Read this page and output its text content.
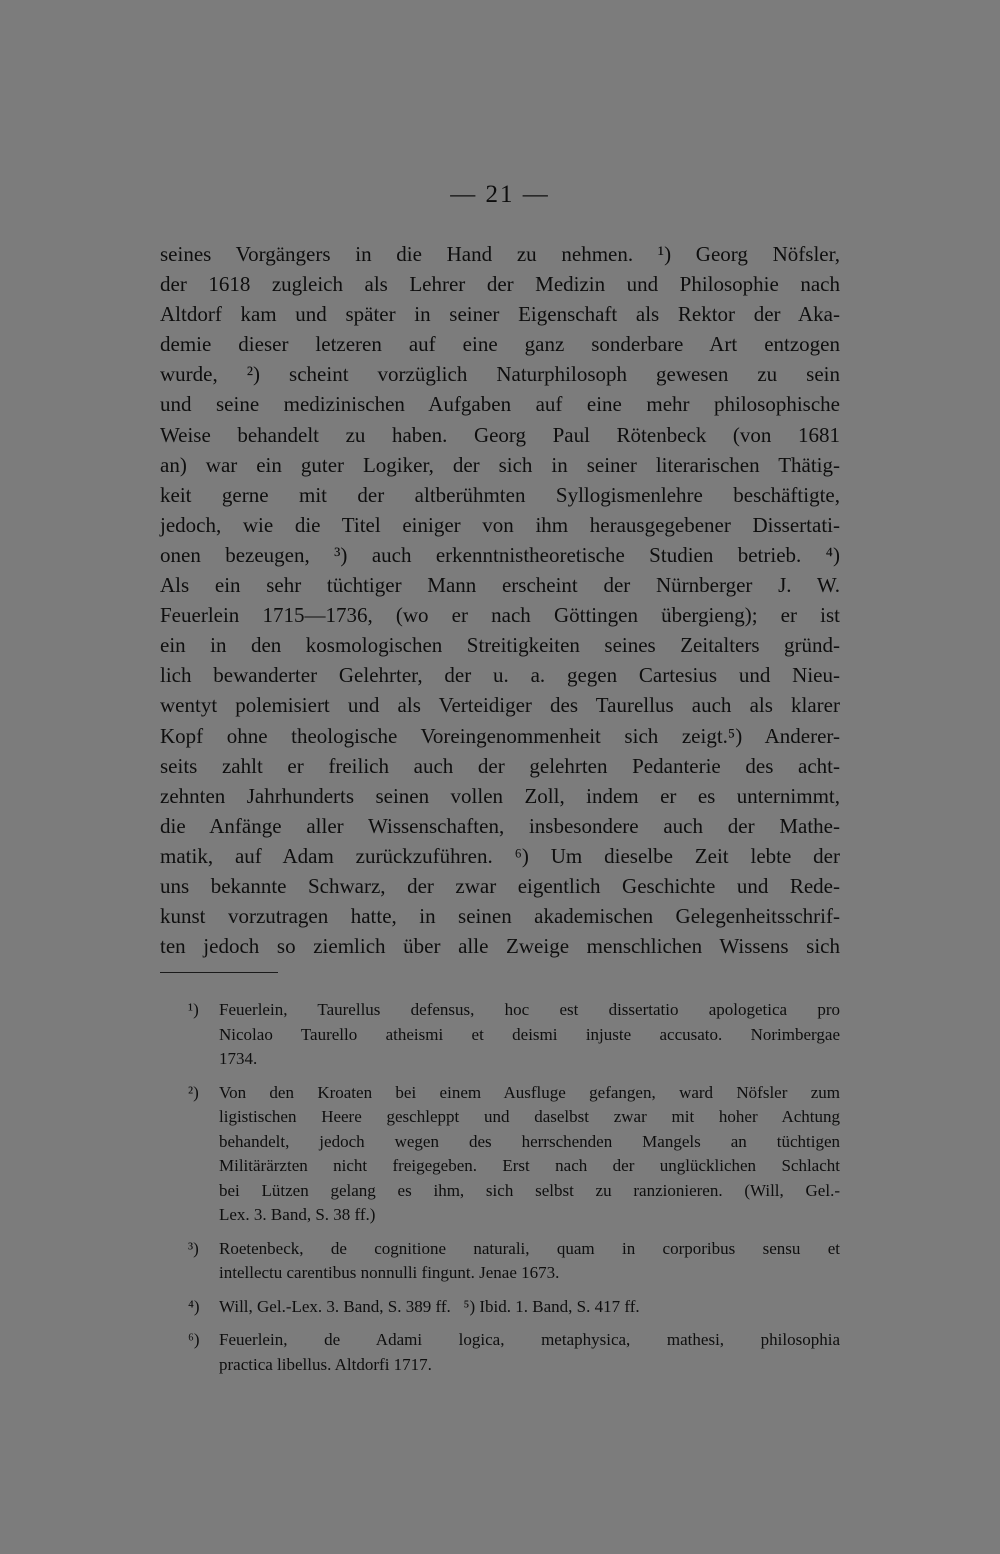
— 21 —
seines Vorgängers in die Hand zu nehmen. ¹) Georg Nöfsler,
der 1618 zugleich als Lehrer der Medizin und Philosophie nach
Altdorf kam und später in seiner Eigenschaft als Rektor der Aka-
demie dieser letzeren auf eine ganz sonderbare Art entzogen
wurde, ²) scheint vorzüglich Naturphilosoph gewesen zu sein
und seine medizinischen Aufgaben auf eine mehr philosophische
Weise behandelt zu haben. Georg Paul Rötenbeck (von 1681
an) war ein guter Logiker, der sich in seiner literarischen Thätig-
keit gerne mit der altberühmten Syllogismenlehre beschäftigte,
jedoch, wie die Titel einiger von ihm herausgegebener Dissertati-
onen bezeugen, ³) auch erkenntnistheoretische Studien betrieb. ⁴)
Als ein sehr tüchtiger Mann erscheint der Nürnberger J. W.
Feuerlein 1715—1736, (wo er nach Göttingen übergieng); er ist
ein in den kosmologischen Streitigkeiten seines Zeitalters gründ-
lich bewanderter Gelehrter, der u. a. gegen Cartesius und Nieu-
wentyt polemisiert und als Verteidiger des Taurellus auch als klarer
Kopf ohne theologische Voreingenommenheit sich zeigt.⁵) Anderer-
seits zahlt er freilich auch der gelehrten Pedanterie des acht-
zehnten Jahrhunderts seinen vollen Zoll, indem er es unternimmt,
die Anfänge aller Wissenschaften, insbesondere auch der Mathe-
matik, auf Adam zurückzuführen. ⁶) Um dieselbe Zeit lebte der
uns bekannte Schwarz, der zwar eigentlich Geschichte und Rede-
kunst vorzutragen hatte, in seinen akademischen Gelegenheitsschrif-
ten jedoch so ziemlich über alle Zweige menschlichen Wissens sich
¹) Feuerlein, Taurellus defensus, hoc est dissertatio apologetica pro
Nicolao Taurello atheismi et deismi injuste accusato. Norimbergae
1734.
²) Von den Kroaten bei einem Ausfluge gefangen, ward Nöfsler zum
ligistischen Heere geschleppt und daselbst zwar mit hoher Achtung
behandelt, jedoch wegen des herrschenden Mangels an tüchtigen
Militärärzten nicht freigegeben. Erst nach der unglücklichen Schlacht
bei Lützen gelang es ihm, sich selbst zu ranzionieren. (Will, Gel.-
Lex. 3. Band, S. 38 ff.)
³) Roetenbeck, de cognitione naturali, quam in corporibus sensu et
intellectu carentibus nonnulli fingunt. Jenae 1673.
⁴) Will, Gel.-Lex. 3. Band, S. 389 ff.   ⁵) Ibid. 1. Band, S. 417 ff.
⁶) Feuerlein, de Adami logica, metaphysica, mathesi, philosophia
practica libellus. Altdorfi 1717.
